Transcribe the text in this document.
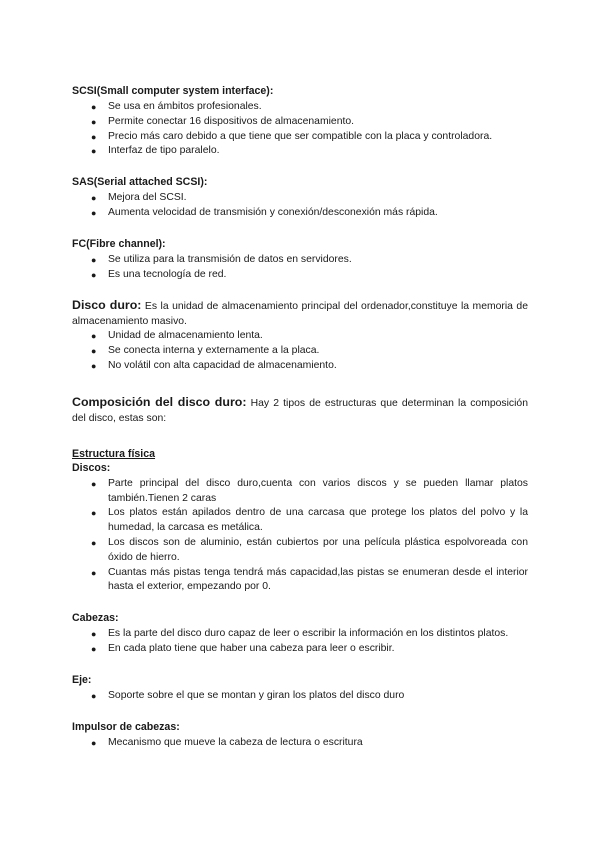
SCSI(Small computer system interface):
● Se usa en ámbitos profesionales.
● Permite conectar 16 dispositivos de almacenamiento.
● Precio más caro debido a que tiene que ser compatible con la placa y controladora.
● Interfaz de tipo paralelo.
SAS(Serial attached SCSI):
● Mejora del SCSI.
● Aumenta velocidad de transmisión y conexión/desconexión más rápida.
FC(Fibre channel):
● Se utiliza para la transmisión de datos en servidores.
● Es una tecnología de red.

Disco duro: Es la unidad de almacenamiento principal del ordenador,constituye la memoria de almacenamiento masivo.

● Unidad de almacenamiento lenta.
● Se conecta interna y externamente a la placa.
● No volátil con alta capacidad de almacenamiento.

Composición del disco duro: Hay 2 tipos de estructuras que determinan la composición del disco, estas son:

Estructura física
Discos:
● Parte principal del disco duro,cuenta con varios discos y se pueden llamar platos también.Tienen 2 caras
● Los platos están apilados dentro de una carcasa que protege los platos del polvo y la humedad, la carcasa es metálica.
● Los discos son de aluminio, están cubiertos por una película plástica espolvoreada con óxido de hierro.
● Cuantas más pistas tenga tendrá más capacidad,las pistas se enumeran desde el interior hasta el exterior, empezando por 0.
Cabezas:
● Es la parte del disco duro capaz de leer o escribir la información en los distintos platos.
● En cada plato tiene que haber una cabeza para leer o escribir.
Eje:
● Soporte sobre el que se montan y giran los platos del disco duro
Impulsor de cabezas:
● Mecanismo que mueve la cabeza de lectura o escritura
